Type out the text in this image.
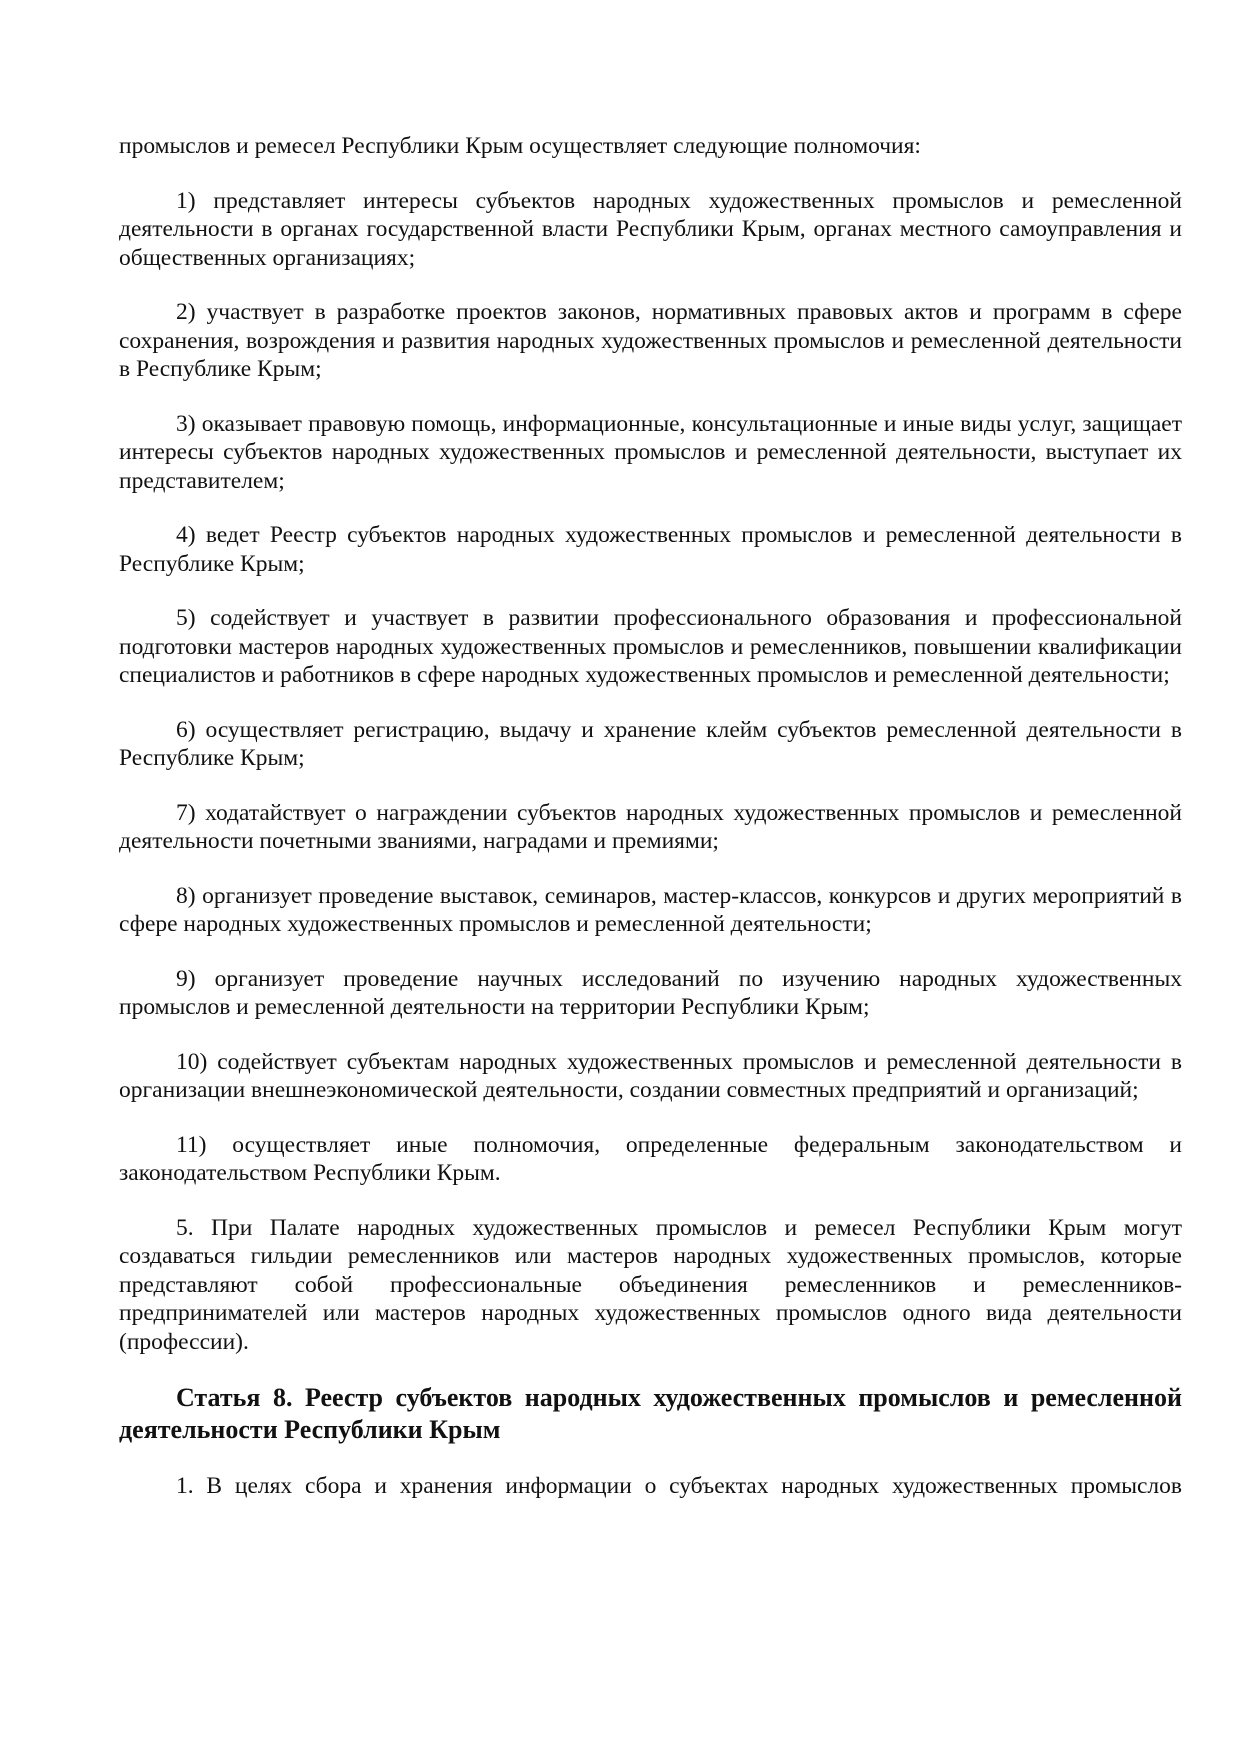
промыслов и ремесел Республики Крым осуществляет следующие полномочия:

1) представляет интересы субъектов народных художественных промыслов и ремесленной деятельности в органах государственной власти Республики Крым, органах местного самоуправления и общественных организациях;

2) участвует в разработке проектов законов, нормативных правовых актов и программ в сфере сохранения, возрождения и развития народных художественных промыслов и ремесленной деятельности в Республике Крым;

3) оказывает правовую помощь, информационные, консультационные и иные виды услуг, защищает интересы субъектов народных художественных промыслов и ремесленной деятельности, выступает их представителем;

4) ведет Реестр субъектов народных художественных промыслов и ремесленной деятельности в Республике Крым;

5) содействует и участвует в развитии профессионального образования и профессиональной подготовки мастеров народных художественных промыслов и ремесленников, повышении квалификации специалистов и работников в сфере народных художественных промыслов и ремесленной деятельности;

6) осуществляет регистрацию, выдачу и хранение клейм субъектов ремесленной деятельности в Республике Крым;

7) ходатайствует о награждении субъектов народных художественных промыслов и ремесленной деятельности почетными званиями, наградами и премиями;

8) организует проведение выставок, семинаров, мастер-классов, конкурсов и других мероприятий в сфере народных художественных промыслов и ремесленной деятельности;

9) организует проведение научных исследований по изучению народных художественных промыслов и ремесленной деятельности на территории Республики Крым;

10) содействует субъектам народных художественных промыслов и ремесленной деятельности в организации внешнеэкономической деятельности, создании совместных предприятий и организаций;

11) осуществляет иные полномочия, определенные федеральным законодательством и законодательством Республики Крым.

5. При Палате народных художественных промыслов и ремесел Республики Крым могут создаваться гильдии ремесленников или мастеров народных художественных промыслов, которые представляют собой профессиональные объединения ремесленников и ремесленников-предпринимателей или мастеров народных художественных промыслов одного вида деятельности (профессии).

Статья 8. Реестр субъектов народных художественных промыслов и ремесленной деятельности Республики Крым

1. В целях сбора и хранения информации о субъектах народных художественных промыслов
